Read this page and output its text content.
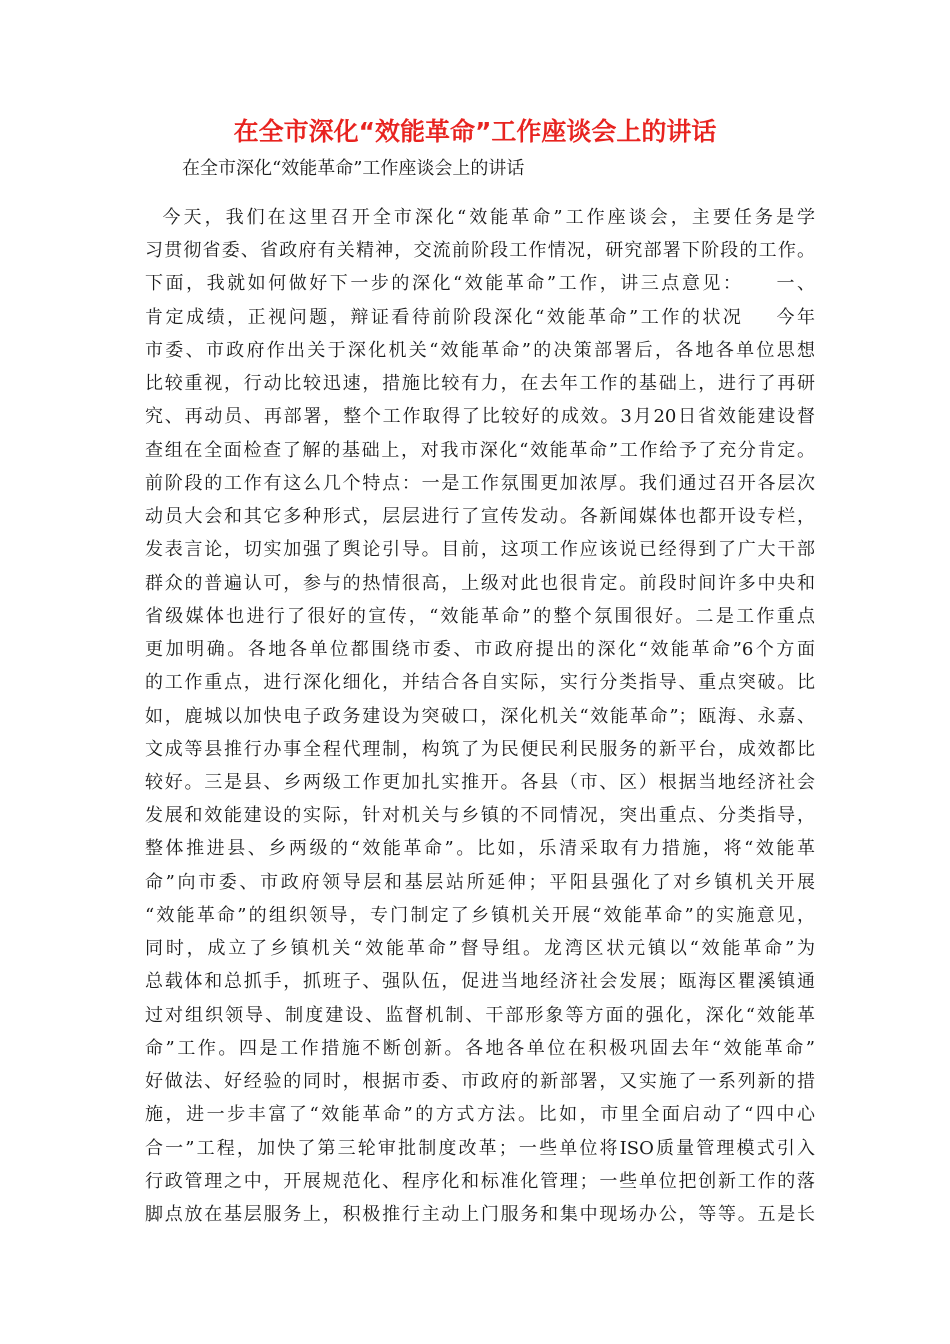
在全市深化“效能革命”工作座谈会上的讲话

在全市深化“效能革命”工作座谈会上的讲话

今天，我们在这里召开全市深化“效能革命”工作座谈会，主要任务是学
习贯彻省委、省政府有关精神，交流前阶段工作情况，研究部署下阶段的工作。
下面，我就如何做好下一步的深化“效能革命”工作，讲三点意见：    一、
肯定成绩，正视问题，辩证看待前阶段深化“效能革命”工作的状况    今年
市委、市政府作出关于深化机关“效能革命”的决策部署后，各地各单位思想
比较重视，行动比较迅速，措施比较有力，在去年工作的基础上，进行了再研
究、再动员、再部署，整个工作取得了比较好的成效。3月20日省效能建设督
查组在全面检查了解的基础上，对我市深化“效能革命”工作给予了充分肯定。
前阶段的工作有这么几个特点：一是工作氛围更加浓厚。我们通过召开各层次
动员大会和其它多种形式，层层进行了宣传发动。各新闻媒体也都开设专栏，
发表言论，切实加强了舆论引导。目前，这项工作应该说已经得到了广大干部
群众的普遍认可，参与的热情很高，上级对此也很肯定。前段时间许多中央和
省级媒体也进行了很好的宣传，“效能革命”的整个氛围很好。二是工作重点
更加明确。各地各单位都围绕市委、市政府提出的深化“效能革命”6个方面
的工作重点，进行深化细化，并结合各自实际，实行分类指导、重点突破。比
如，鹿城以加快电子政务建设为突破口，深化机关“效能革命”；瓯海、永嘉、
文成等县推行办事全程代理制，构筑了为民便民利民服务的新平台，成效都比
较好。三是县、乡两级工作更加扎实推开。各县（市、区）根据当地经济社会
发展和效能建设的实际，针对机关与乡镇的不同情况，突出重点、分类指导，
整体推进县、乡两级的“效能革命”。比如，乐清采取有力措施，将“效能革
命”向市委、市政府领导层和基层站所延伸；平阳县强化了对乡镇机关开展
“效能革命”的组织领导，专门制定了乡镇机关开展“效能革命”的实施意见，
同时，成立了乡镇机关“效能革命”督导组。龙湾区状元镇以“效能革命”为
总载体和总抓手，抓班子、强队伍，促进当地经济社会发展；瓯海区瞿溪镇通
过对组织领导、制度建设、监督机制、干部形象等方面的强化，深化“效能革
命”工作。四是工作措施不断创新。各地各单位在积极巩固去年“效能革命”
好做法、好经验的同时，根据市委、市政府的新部署，又实施了一系列新的措
施，进一步丰富了“效能革命”的方式方法。比如，市里全面启动了“四中心
合一”工程，加快了第三轮审批制度改革；一些单位将ISO质量管理模式引入
行政管理之中，开展规范化、程序化和标准化管理；一些单位把创新工作的落
脚点放在基层服务上，积极推行主动上门服务和集中现场办公，等等。五是长
